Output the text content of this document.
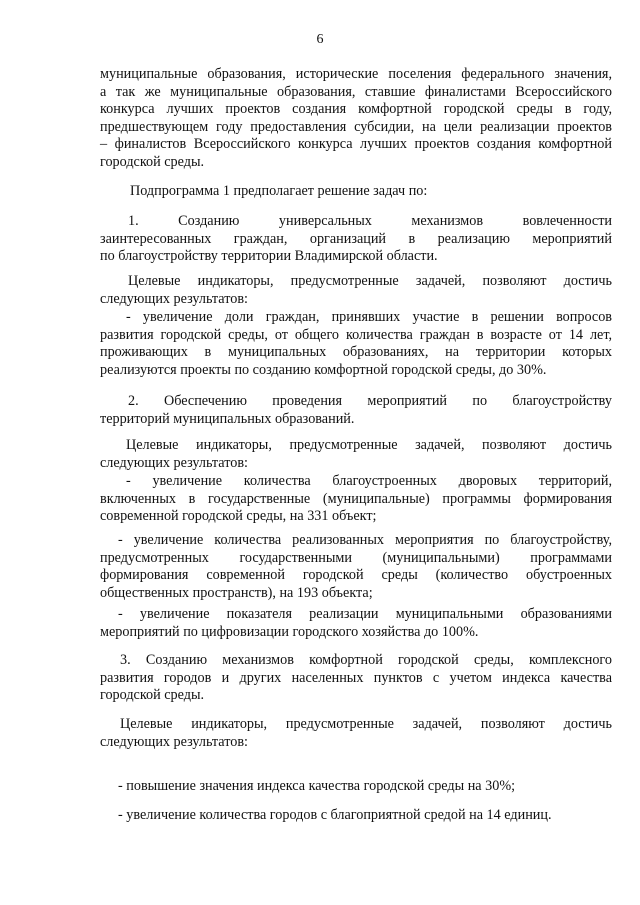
6
муниципальные образования, исторические поселения федерального значения,
а так же муниципальные образования, ставшие финалистами Всероссийского
конкурса лучших проектов создания комфортной городской среды в году,
предшествующем году предоставления субсидии, на цели реализации проектов
– финалистов Всероссийского конкурса лучших проектов создания комфортной
городской среды.
Подпрограмма 1 предполагает решение задач по:
1. Созданию универсальных механизмов вовлеченности
заинтересованных граждан, организаций в реализацию мероприятий
по благоустройству территории Владимирской области.
Целевые индикаторы, предусмотренные задачей, позволяют достичь
следующих результатов:
- увеличение доли граждан, принявших участие в решении вопросов
развития городской среды, от общего количества граждан в возрасте от 14 лет,
проживающих в муниципальных образованиях, на территории которых
реализуются проекты по созданию комфортной городской среды, до 30%.
2. Обеспечению проведения мероприятий по благоустройству
территорий муниципальных образований.
Целевые индикаторы, предусмотренные задачей, позволяют достичь
следующих результатов:
- увеличение количества благоустроенных дворовых территорий,
включенных в государственные (муниципальные) программы формирования
современной городской среды, на 331 объект;
- увеличение количества реализованных мероприятия по благоустройству,
предусмотренных государственными (муниципальными) программами
формирования современной городской среды (количество обустроенных
общественных пространств), на 193 объекта;
- увеличение показателя реализации муниципальными образованиями
мероприятий по цифровизации городского хозяйства до 100%.
3. Созданию механизмов комфортной городской среды, комплексного
развития городов и других населенных пунктов с учетом индекса качества
городской среды.
Целевые индикаторы, предусмотренные задачей, позволяют достичь
следующих результатов:
- повышение значения индекса качества городской среды на 30%;
- увеличение количества городов с благоприятной средой на 14 единиц.
